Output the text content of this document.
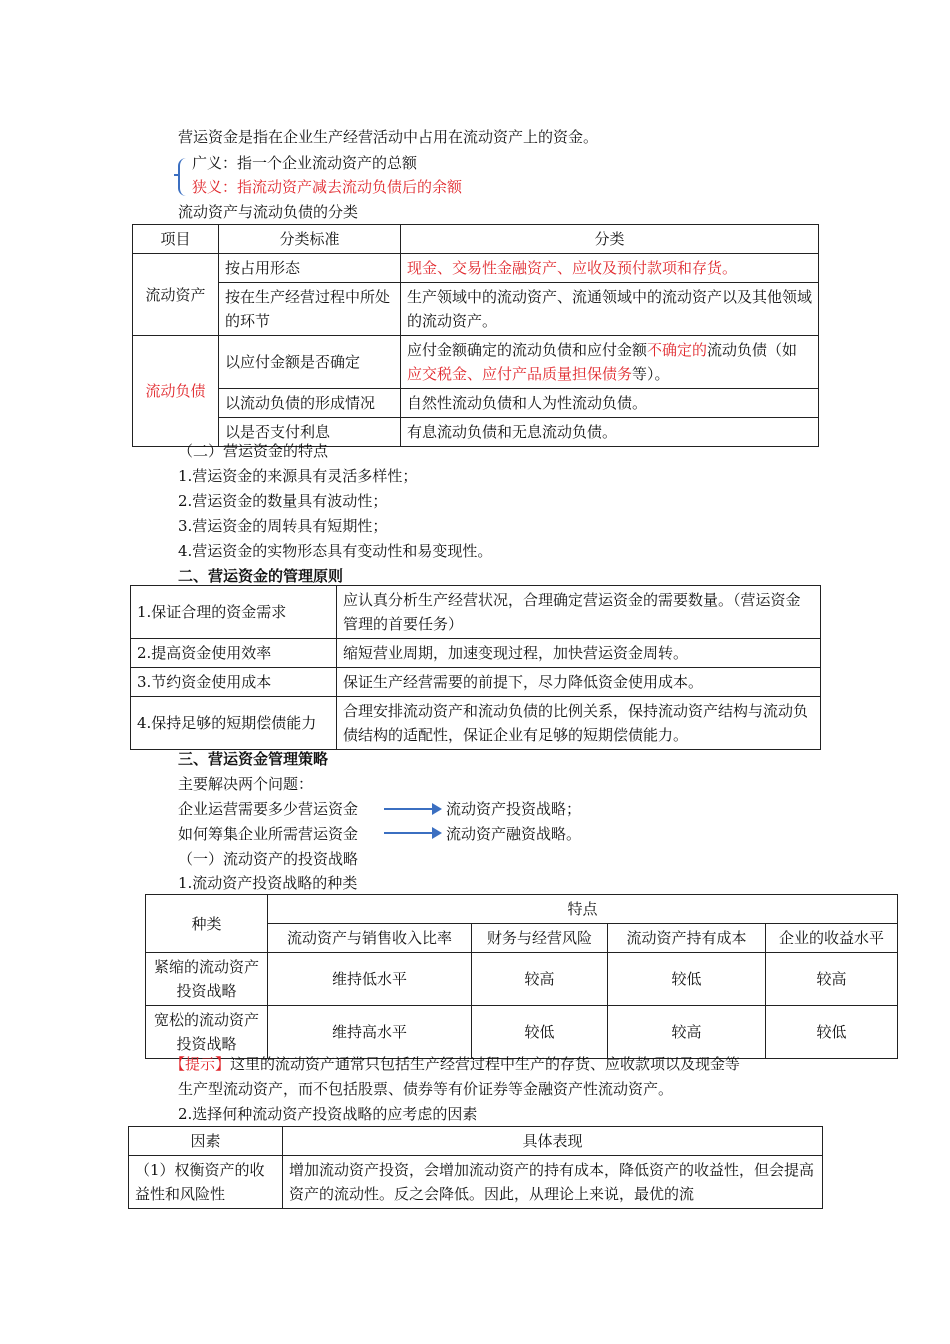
营运资金是指在企业生产经营活动中占用在流动资产上的资金。
广义：指一个企业流动资产的总额
狭义：指流动资产减去流动负债后的余额
流动资产与流动负债的分类
项目	分类标准	分类
流动资产	按占用形态	现金、交易性金融资产、应收及预付款项和存货。
	按在生产经营过程中所处的环节	生产领域中的流动资产、流通领域中的流动资产以及其他领域的流动资产。
流动负债	以应付金额是否确定	应付金额确定的流动负债和应付金额不确定的流动负债（如应交税金、应付产品质量担保债务等）。
	以流动负债的形成情况	自然性流动负债和人为性流动负债。
	以是否支付利息	有息流动负债和无息流动负债。
（二）营运资金的特点
1.营运资金的来源具有灵活多样性；
2.营运资金的数量具有波动性；
3.营运资金的周转具有短期性；
4.营运资金的实物形态具有变动性和易变现性。
二、营运资金的管理原则
1.保证合理的资金需求	应认真分析生产经营状况，合理确定营运资金的需要数量。（营运资金管理的首要任务）
2.提高资金使用效率	缩短营业周期，加速变现过程，加快营运资金周转。
3.节约资金使用成本	保证生产经营需要的前提下，尽力降低资金使用成本。
4.保持足够的短期偿债能力	合理安排流动资产和流动负债的比例关系，保持流动资产结构与流动负债结构的适配性，保证企业有足够的短期偿债能力。
三、营运资金管理策略
主要解决两个问题：
企业运营需要多少营运资金	流动资产投资战略；
如何筹集企业所需营运资金	流动资产融资战略。
（一）流动资产的投资战略
1.流动资产投资战略的种类
种类	特点			
	流动资产与销售收入比率	财务与经营风险	流动资产持有成本	企业的收益水平
紧缩的流动资产投资战略	维持低水平	较高	较低	较高
宽松的流动资产投资战略	维持高水平	较低	较高	较低
【提示】这里的流动资产通常只包括生产经营过程中生产的存货、应收款项以及现金等
生产型流动资产，而不包括股票、债券等有价证券等金融资产性流动资产。
2.选择何种流动资产投资战略的应考虑的因素
因素	具体表现
（1）权衡资产的收益性和风险性	增加流动资产投资，会增加流动资产的持有成本，降低资产的收益性，但会提高资产的流动性。反之会降低。因此，从理论上来说，最优的流
